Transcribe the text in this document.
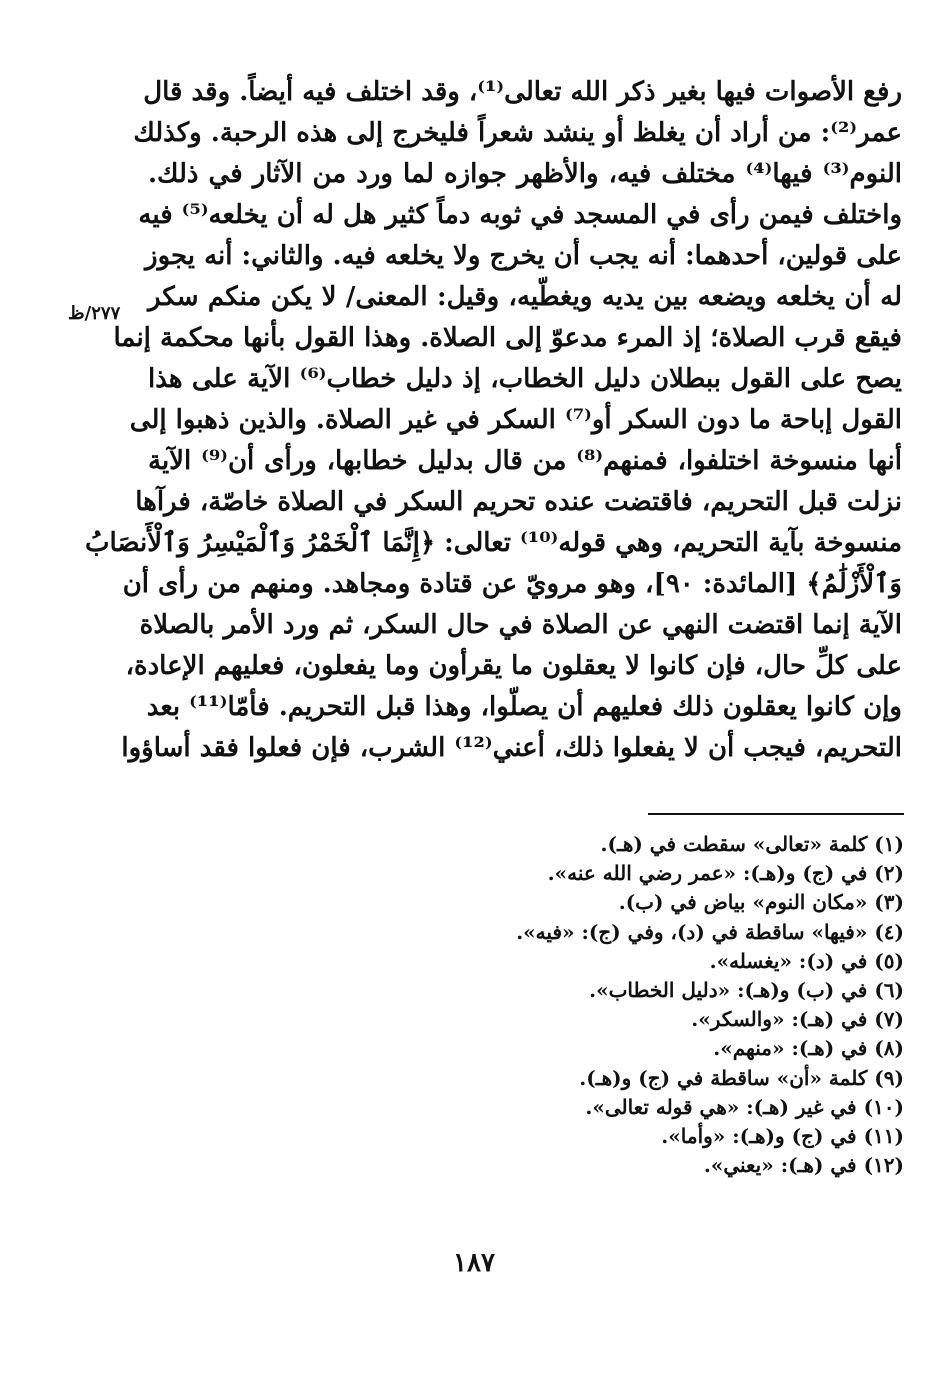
٢٧٧/ظ
رفع الأصوات فيها بغير ذكر الله تعالى⁽¹⁾، وقد اختلف فيه أيضاً. وقد قال
عمر⁽²⁾: من أراد أن يغلظ أو ينشد شعراً فليخرج إلى هذه الرحبة. وكذلك
النوم⁽³⁾ فيها⁽⁴⁾ مختلف فيه، والأظهر جوازه لما ورد من الآثار في ذلك.
واختلف فيمن رأى في المسجد في ثوبه دماً كثير هل له أن يخلعه⁽⁵⁾ فيه
على قولين، أحدهما: أنه يجب أن يخرج ولا يخلعه فيه. والثاني: أنه يجوز
له أن يخلعه ويضعه بين يديه ويغطّيه، وقيل: المعنى/ لا يكن منكم سكر
فيقع قرب الصلاة؛ إذ المرء مدعوّ إلى الصلاة. وهذا القول بأنها محكمة إنما
يصح على القول ببطلان دليل الخطاب، إذ دليل خطاب⁽⁶⁾ الآية على هذا
القول إباحة ما دون السكر أو⁽⁷⁾ السكر في غير الصلاة. والذين ذهبوا إلى
أنها منسوخة اختلفوا، فمنهم⁽⁸⁾ من قال بدليل خطابها، ورأى أن⁽⁹⁾ الآية
نزلت قبل التحريم، فاقتضت عنده تحريم السكر في الصلاة خاصّة، فرآها
منسوخة بآية التحريم، وهي قوله⁽¹⁰⁾ تعالى: ﴿إِنَّمَا ٱلْخَمْرُ وَٱلْمَيْسِرُ وَٱلْأَنصَابُ
وَٱلْأَزْلَٰمُ﴾ [المائدة: ٩٠]، وهو مرويّ عن قتادة ومجاهد. ومنهم من رأى أن
الآية إنما اقتضت النهي عن الصلاة في حال السكر، ثم ورد الأمر بالصلاة
على كلِّ حال، فإن كانوا لا يعقلون ما يقرأون وما يفعلون، فعليهم الإعادة،
وإن كانوا يعقلون ذلك فعليهم أن يصلّوا، وهذا قبل التحريم. فأمّا⁽¹¹⁾ بعد
التحريم، فيجب أن لا يفعلوا ذلك، أعني⁽¹²⁾ الشرب، فإن فعلوا فقد أساؤوا
(١) كلمة «تعالى» سقطت في (هـ).
(٢) في (ج) و(هـ): «عمر رضي الله عنه».
(٣) «مكان النوم» بياض في (ب).
(٤) «فيها» ساقطة في (د)، وفي (ج): «فيه».
(٥) في (د): «يغسله».
(٦) في (ب) و(هـ): «دليل الخطاب».
(٧) في (هـ): «والسكر».
(٨) في (هـ): «منهم».
(٩) كلمة «أن» ساقطة في (ج) و(هـ).
(١٠) في غير (هـ): «هي قوله تعالى».
(١١) في (ج) و(هـ): «وأما».
(١٢) في (هـ): «يعني».
١٨٧
